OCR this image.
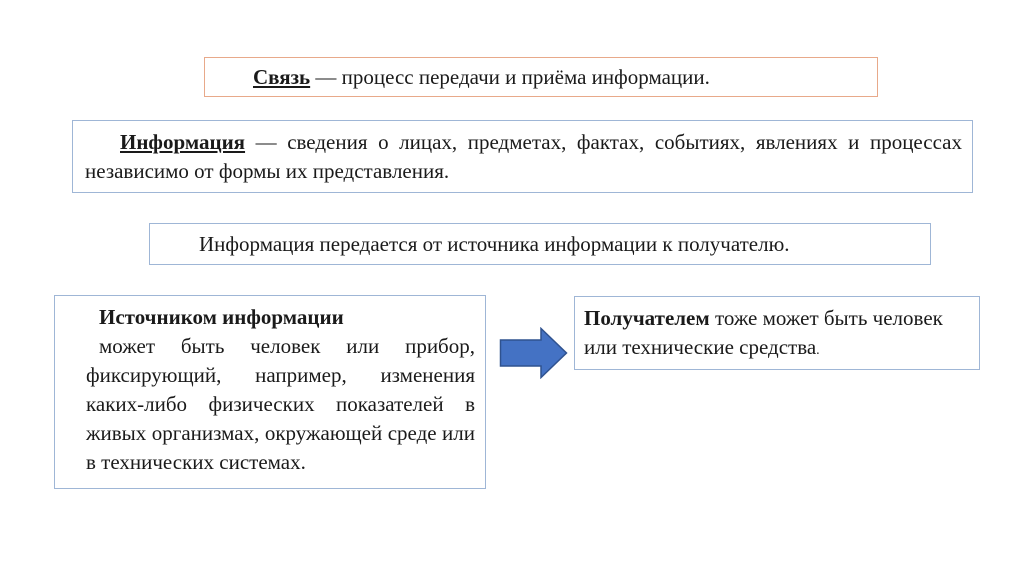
Связь — процесс передачи и приёма информации.
Информация — сведения о лицах, предметах, фактах, событиях, явлениях и процессах независимо от формы их представления.
Информация передается от источника информации к получателю.
Источником информации
может быть человек или прибор, фиксирующий, например, изменения каких-либо физических показателей в живых организмах, окружающей среде или в технических системах.
Получателем тоже может быть человек или технические средства.
